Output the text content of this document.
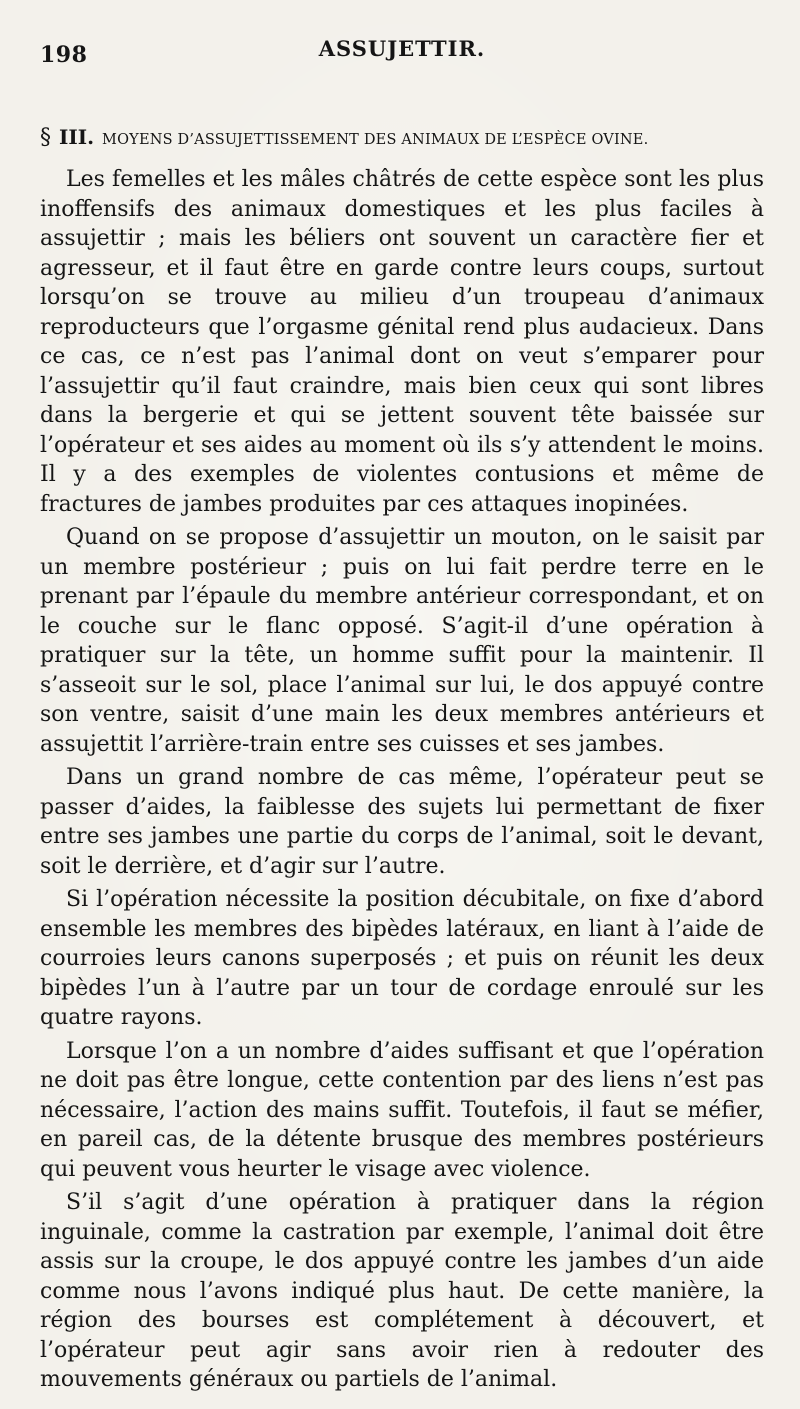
198	ASSUJETTIR.
§ III. MOYENS D’ASSUJETTISSEMENT DES ANIMAUX DE L’ESPÈCE OVINE.

Les femelles et les mâles châtrés de cette espèce sont les plus inoffensifs des animaux domestiques et les plus faciles à assujettir ; mais les béliers ont souvent un caractère fier et agresseur, et il faut être en garde contre leurs coups, surtout lorsqu’on se trouve au milieu d’un troupeau d’animaux reproducteurs que l’orgasme génital rend plus audacieux. Dans ce cas, ce n’est pas l’animal dont on veut s’emparer pour l’assujettir qu’il faut craindre, mais bien ceux qui sont libres dans la bergerie et qui se jettent souvent tête baissée sur l’opérateur et ses aides au moment où ils s’y attendent le moins. Il y a des exemples de violentes contusions et même de fractures de jambes produites par ces attaques inopinées.

Quand on se propose d’assujettir un mouton, on le saisit par un membre postérieur ; puis on lui fait perdre terre en le prenant par l’épaule du membre antérieur correspondant, et on le couche sur le flanc opposé. S’agit-il d’une opération à pratiquer sur la tête, un homme suffit pour la maintenir. Il s’asseoit sur le sol, place l’animal sur lui, le dos appuyé contre son ventre, saisit d’une main les deux membres antérieurs et assujettit l’arrière-train entre ses cuisses et ses jambes.

Dans un grand nombre de cas même, l’opérateur peut se passer d’aides, la faiblesse des sujets lui permettant de fixer entre ses jambes une partie du corps de l’animal, soit le devant, soit le derrière, et d’agir sur l’autre.

Si l’opération nécessite la position décubitale, on fixe d’abord ensemble les membres des bipèdes latéraux, en liant à l’aide de courroies leurs canons superposés ; et puis on réunit les deux bipèdes l’un à l’autre par un tour de cordage enroulé sur les quatre rayons.

Lorsque l’on a un nombre d’aides suffisant et que l’opération ne doit pas être longue, cette contention par des liens n’est pas nécessaire, l’action des mains suffit. Toutefois, il faut se méfier, en pareil cas, de la détente brusque des membres postérieurs qui peuvent vous heurter le visage avec violence.

S’il s’agit d’une opération à pratiquer dans la région inguinale, comme la castration par exemple, l’animal doit être assis sur la croupe, le dos appuyé contre les jambes d’un aide comme nous l’avons indiqué plus haut. De cette manière, la région des bourses est complétement à découvert, et l’opérateur peut agir sans avoir rien à redouter des mouvements généraux ou partiels de l’animal.
